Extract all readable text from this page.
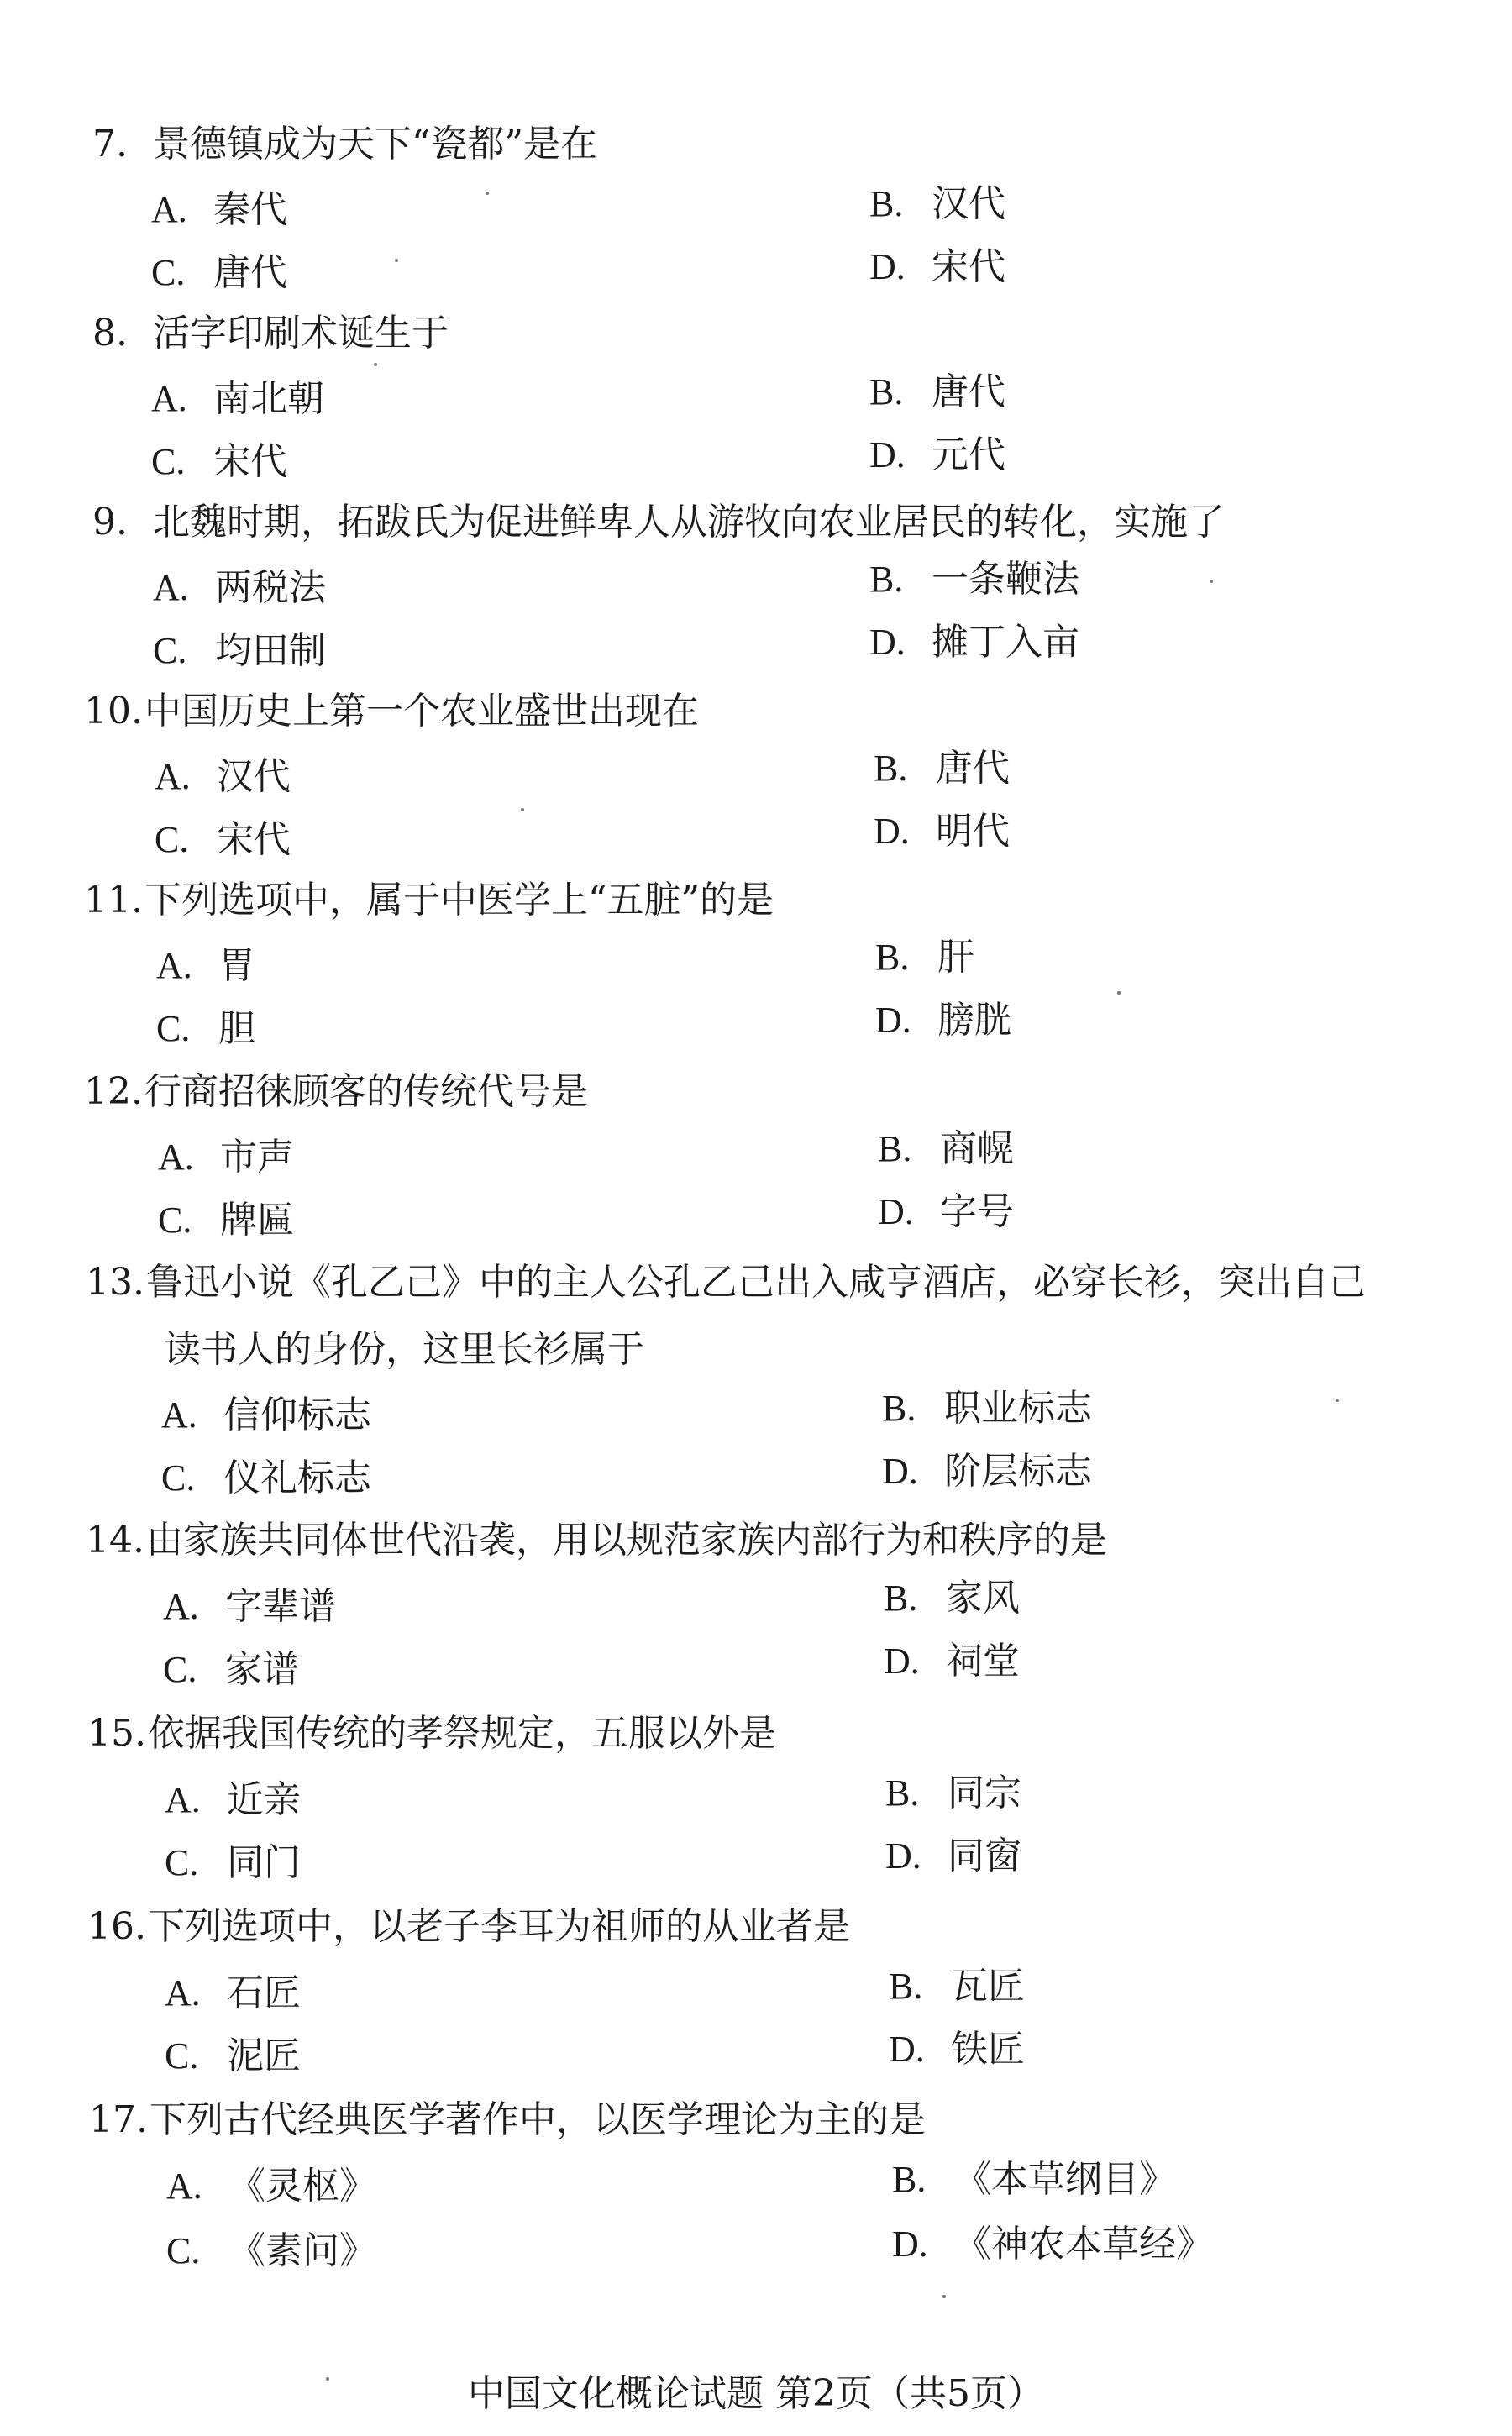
7. 景德镇成为天下“瓷都”是在
A. 秦代	B. 汉代
C. 唐代	D. 宋代
8. 活字印刷术诞生于
A. 南北朝	B. 唐代
C. 宋代	D. 元代
9. 北魏时期，拓跋氏为促进鲜卑人从游牧向农业居民的转化，实施了
A. 两税法	B. 一条鞭法
C. 均田制	D. 摊丁入亩
10.中国历史上第一个农业盛世出现在
A. 汉代	B. 唐代
C. 宋代	D. 明代
11.下列选项中，属于中医学上“五脏”的是
A. 胃	B. 肝
C. 胆	D. 膀胱
12.行商招徕顾客的传统代号是
A. 市声	B. 商幌
C. 牌匾	D. 字号
13.鲁迅小说《孔乙己》中的主人公孔乙己出入咸亨酒店，必穿长衫，突出自己
读书人的身份，这里长衫属于
A. 信仰标志	B. 职业标志
C. 仪礼标志	D. 阶层标志
14.由家族共同体世代沿袭，用以规范家族内部行为和秩序的是
A. 字辈谱	B. 家风
C. 家谱	D. 祠堂
15.依据我国传统的孝祭规定，五服以外是
A. 近亲	B. 同宗
C. 同门	D. 同窗
16.下列选项中，以老子李耳为祖师的从业者是
A. 石匠	B. 瓦匠
C. 泥匠	D. 铁匠
17.下列古代经典医学著作中，以医学理论为主的是
A. 《灵枢》	B. 《本草纲目》
C. 《素问》	D. 《神农本草经》
中国文化概论试题 第2页（共5页）
